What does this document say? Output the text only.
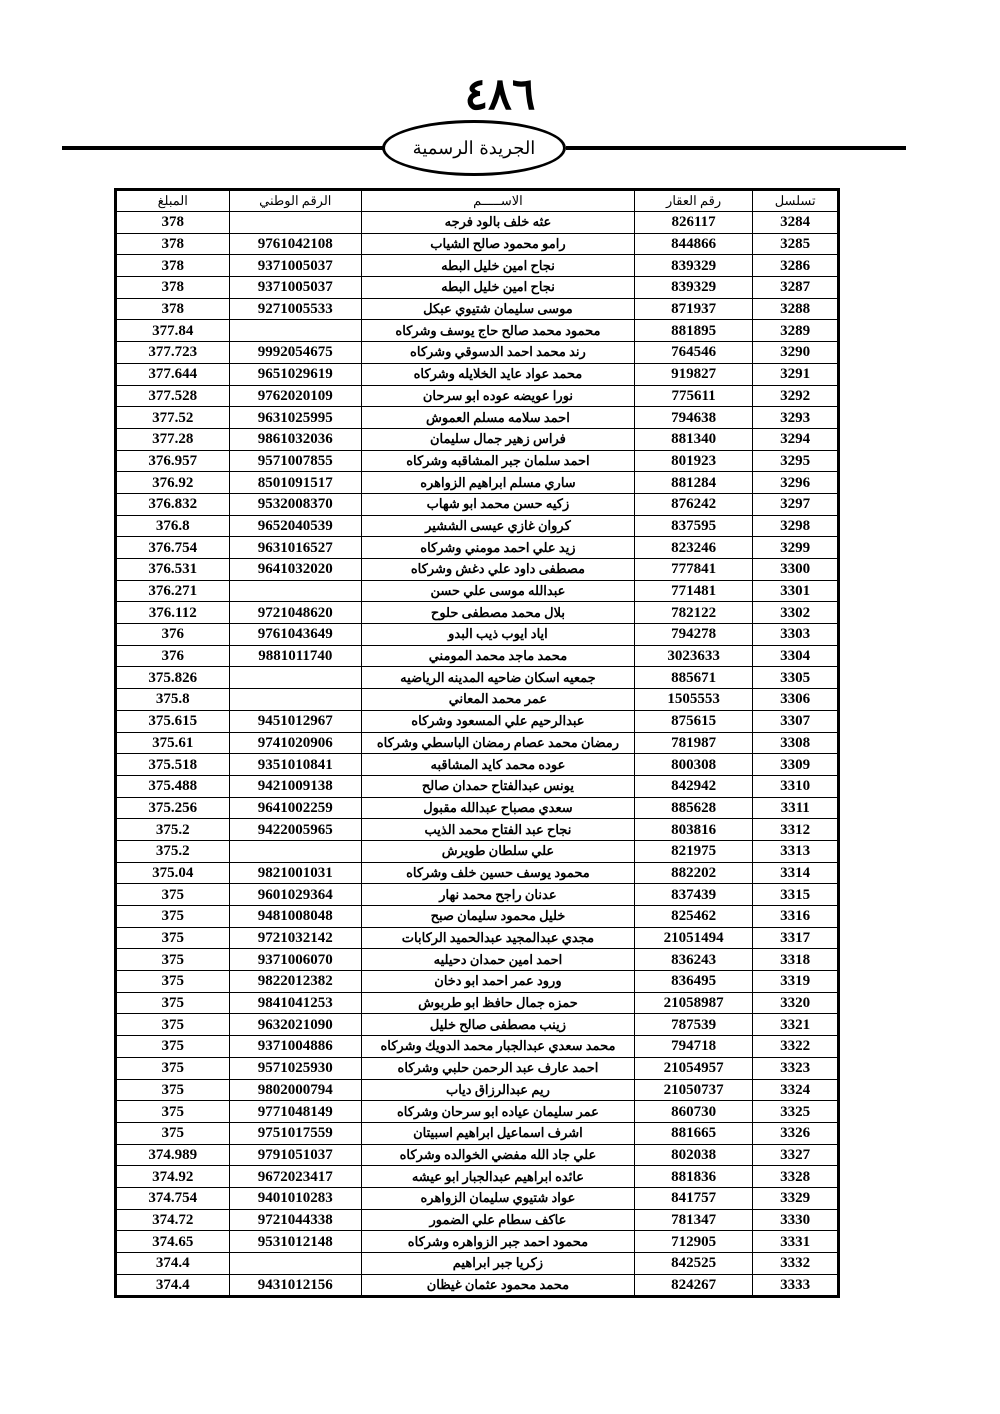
٤٨٦
الجريدة الرسمية
تسلسل	رقم العقار	الاســـــم	الرقم الوطني	المبلغ
3284	826117	عثه خلف بالود فرجه		378
3285	844866	رامو محمود صالح الشياب	9761042108	378
3286	839329	نجاح امين خليل البطه	9371005037	378
3287	839329	نجاح امين خليل البطه	9371005037	378
3288	871937	موسى سليمان شتيوي عبكل	9271005533	378
3289	881895	محمود محمد صالح حاج يوسف وشركاه		377.84
3290	764546	رند محمد احمد الدسوقي وشركاه	9992054675	377.723
3291	919827	محمد عواد عايد الخلايله وشركاه	9651029619	377.644
3292	775611	نورا عويضه عوده ابو سرحان	9762020109	377.528
3293	794638	احمد سلامه مسلم العموش	9631025995	377.52
3294	881340	فراس زهير جمال سليمان	9861032036	377.28
3295	801923	احمد سلمان جبر المشاقبه وشركاه	9571007855	376.957
3296	881284	ساري مسلم ابراهيم الزواهره	8501091517	376.92
3297	876242	زكيه حسن محمد ابو شهاب	9532008370	376.832
3298	837595	كروان غازي عيسى الششير	9652040539	376.8
3299	823246	زيد علي احمد مومني وشركاه	9631016527	376.754
3300	777841	مصطفى داود علي دغش وشركاه	9641032020	376.531
3301	771481	عبدالله موسى علي حسن		376.271
3302	782122	بلال محمد مصطفى حلوح	9721048620	376.112
3303	794278	اياد ايوب ذيب البدو	9761043649	376
3304	3023633	محمد ماجد محمد المومني	9881011740	376
3305	885671	جمعيه اسكان ضاحيه المدينه الرياضيه		375.826
3306	1505553	عمر محمد المعاني		375.8
3307	875615	عبدالرحيم علي المسعود وشركاه	9451012967	375.615
3308	781987	رمضان محمد عصام رمضان الباسطي وشركاه	9741020906	375.61
3309	800308	عوده محمد كايد المشاقبه	9351010841	375.518
3310	842942	يونس عبدالفتاح حمدان صالح	9421009138	375.488
3311	885628	سعدي مصباح عبدالله مقبول	9641002259	375.256
3312	803816	نجاح عبد الفتاح محمد الذيب	9422005965	375.2
3313	821975	علي سلطان طويرش		375.2
3314	882202	محمود يوسف حسين خلف وشركاه	9821001031	375.04
3315	837439	عدنان راجح محمد نهار	9601029364	375
3316	825462	خليل محمود سليمان صبح	9481008048	375
3317	21051494	مجدي عبدالمجيد عبدالحميد الركابات	9721032142	375
3318	836243	احمد امين حمدان دحيليه	9371006070	375
3319	836495	ورود عمر احمد ابو دخان	9822012382	375
3320	21058987	حمزه جمال حافظ ابو طربوش	9841041253	375
3321	787539	زينب مصطفى صالح خليل	9632021090	375
3322	794718	محمد سعدي عبدالجبار محمد الدويك وشركاه	9371004886	375
3323	21054957	احمد عارف عبد الرحمن حلبي وشركاه	9571025930	375
3324	21050737	ريم عبدالرزاق دياب	9802000794	375
3325	860730	عمر سليمان عياده ابو سرحان وشركاه	9771048149	375
3326	881665	اشرف اسماعيل ابراهيم اسبيتان	9751017559	375
3327	802038	علي جاد الله مفضي الخوالده وشركاه	9791051037	374.989
3328	881836	عائده ابراهيم عبدالجبار ابو عيشه	9672023417	374.92
3329	841757	عواد شتيوي سليمان الزواهره	9401010283	374.754
3330	781347	عاكف سطام علي الضمور	9721044338	374.72
3331	712905	محمود احمد جبر الزواهره وشركاه	9531012148	374.65
3332	842525	زكريا جبر ابراهيم		374.4
3333	824267	محمد محمود عثمان غيظان	9431012156	374.4
